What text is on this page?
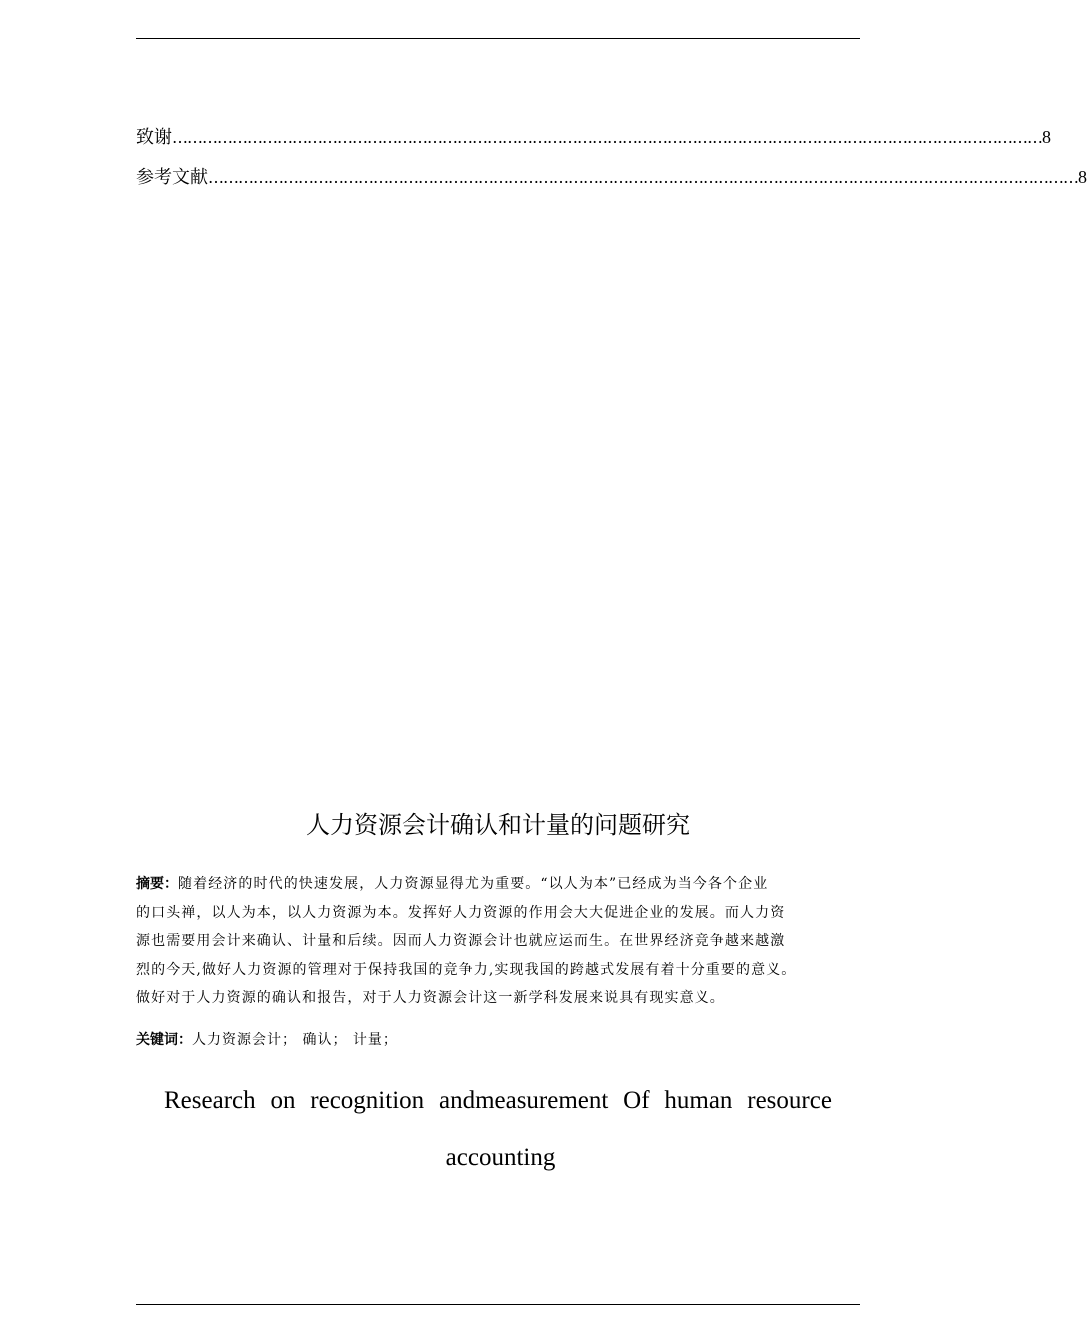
致谢 ………………………………………………………………………………………………………………………………………………………… 8
参考文献 ………………………………………………………………………………………………………………………………………………………… 8
人力资源会计确认和计量的问题研究
摘要：随着经济的时代的快速发展，人力资源显得尤为重要。“以人为本”已经成为当今各个企业
的口头禅，以人为本，以人力资源为本。发挥好人力资源的作用会大大促进企业的发展。而人力资
源也需要用会计来确认、计量和后续。因而人力资源会计也就应运而生。在世界经济竞争越来越激
烈的今天,做好人力资源的管理对于保持我国的竞争力,实现我国的跨越式发展有着十分重要的意义。
做好对于人力资源的确认和报告，对于人力资源会计这一新学科发展来说具有现实意义。
关键词：人力资源会计； 确认； 计量；
Research on recognition andmeasurement Of human resource
accounting
